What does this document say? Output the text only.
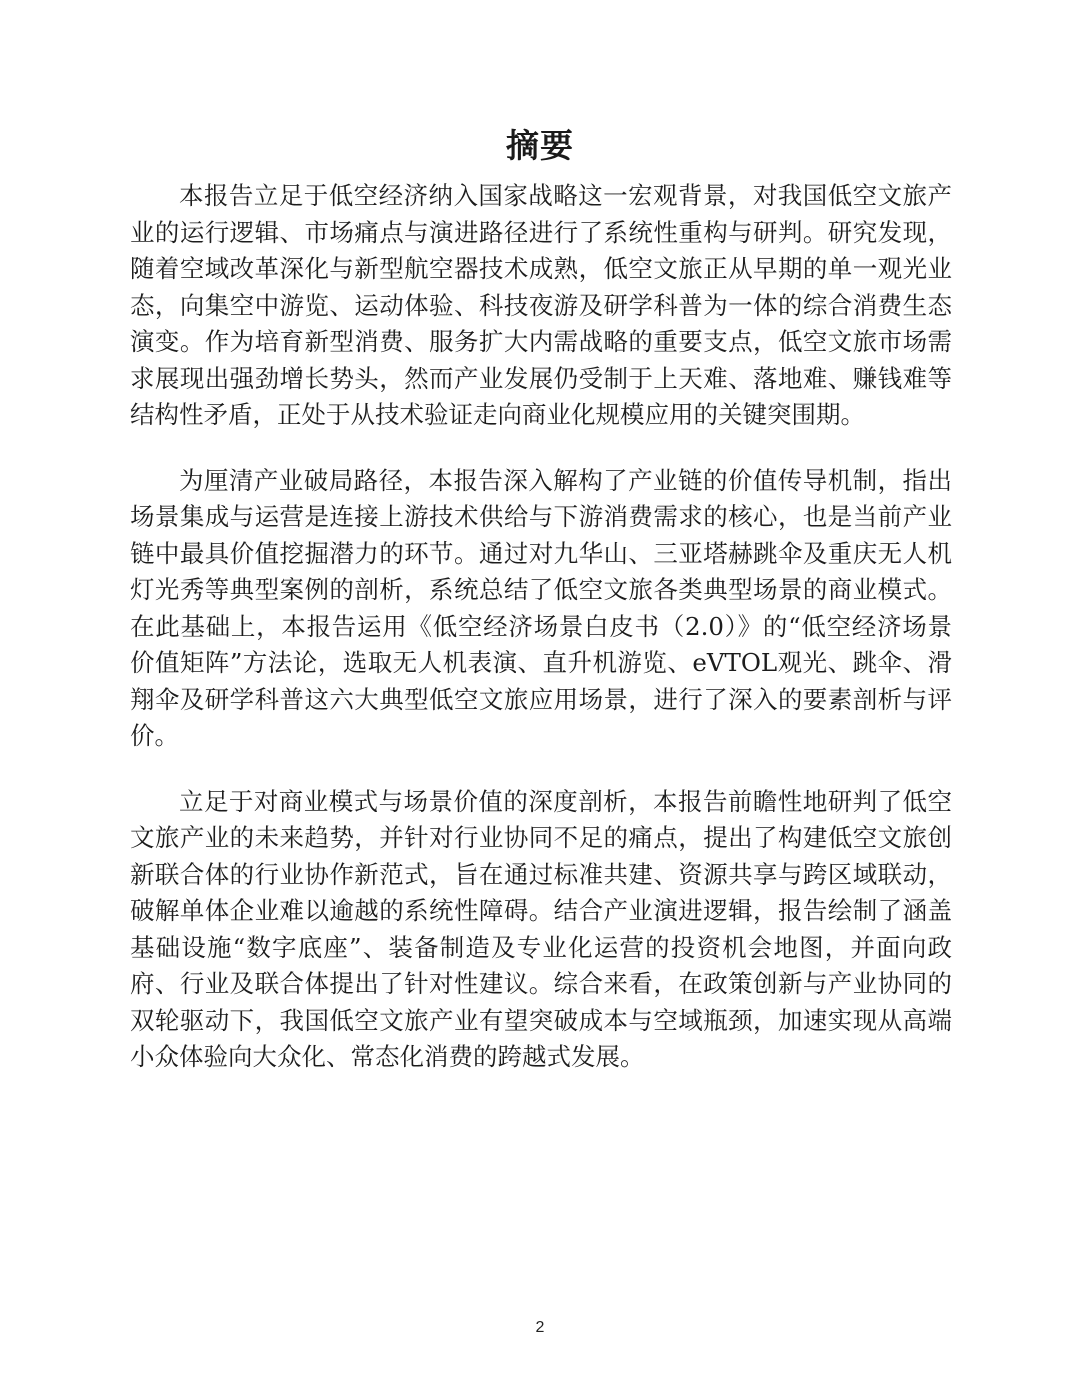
摘要

本报告立足于低空经济纳入国家战略这一宏观背景，对我国低空文旅产业的运行逻辑、市场痛点与演进路径进行了系统性重构与研判。研究发现，随着空域改革深化与新型航空器技术成熟，低空文旅正从早期的单一观光业态，向集空中游览、运动体验、科技夜游及研学科普为一体的综合消费生态演变。作为培育新型消费、服务扩大内需战略的重要支点，低空文旅市场需求展现出强劲增长势头，然而产业发展仍受制于上天难、落地难、赚钱难等结构性矛盾，正处于从技术验证走向商业化规模应用的关键突围期。

为厘清产业破局路径，本报告深入解构了产业链的价值传导机制，指出场景集成与运营是连接上游技术供给与下游消费需求的核心，也是当前产业链中最具价值挖掘潜力的环节。通过对九华山、三亚塔赫跳伞及重庆无人机灯光秀等典型案例的剖析，系统总结了低空文旅各类典型场景的商业模式。在此基础上，本报告运用《低空经济场景白皮书（2.0）》的“低空经济场景价值矩阵”方法论，选取无人机表演、直升机游览、eVTOL观光、跳伞、滑翔伞及研学科普这六大典型低空文旅应用场景，进行了深入的要素剖析与评价。

立足于对商业模式与场景价值的深度剖析，本报告前瞻性地研判了低空文旅产业的未来趋势，并针对行业协同不足的痛点，提出了构建低空文旅创新联合体的行业协作新范式，旨在通过标准共建、资源共享与跨区域联动，破解单体企业难以逾越的系统性障碍。结合产业演进逻辑，报告绘制了涵盖基础设施“数字底座”、装备制造及专业化运营的投资机会地图，并面向政府、行业及联合体提出了针对性建议。综合来看，在政策创新与产业协同的双轮驱动下，我国低空文旅产业有望突破成本与空域瓶颈，加速实现从高端小众体验向大众化、常态化消费的跨越式发展。

2
